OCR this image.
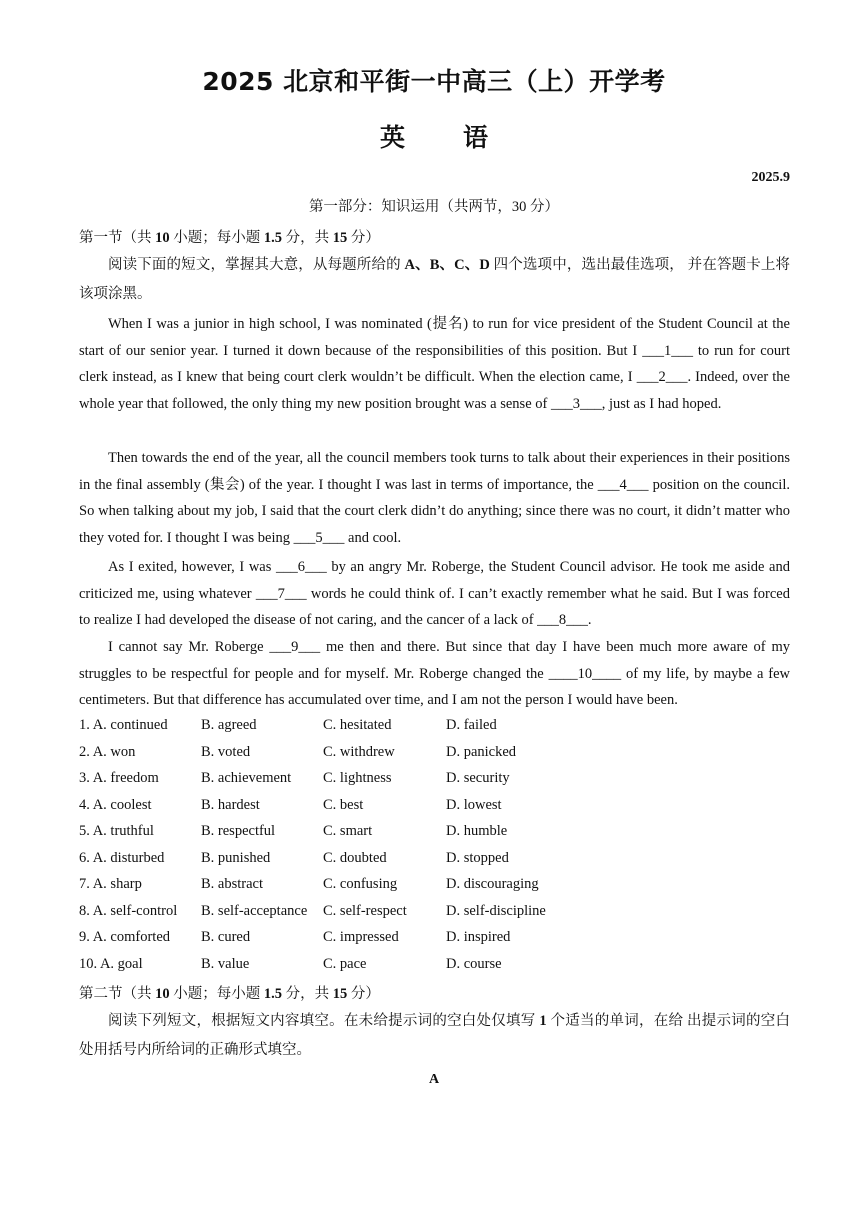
2025 北京和平街一中高三（上）开学考
英语
2025.9
第一部分：知识运用（共两节，30 分）
第一节（共 10 小题；每小题 1.5 分，共 15 分）
阅读下面的短文，掌握其大意，从每题所给的 A、B、C、D 四个选项中，选出最佳选项， 并在答题卡上将该项涂黑。
When I was a junior in high school, I was nominated (提名) to run for vice president of the Student Council at the start of our senior year. I turned it down because of the responsibilities of this position. But I ___1___ to run for court clerk instead, as I knew that being court clerk wouldn’t be difficult. When the election came, I ___2___. Indeed, over the whole year that followed, the only thing my new position brought was a sense of ___3___, just as I had hoped.
Then towards the end of the year, all the council members took turns to talk about their experiences in their positions in the final assembly (集会) of the year. I thought I was last in terms of importance, the ___4___ position on the council. So when talking about my job, I said that the court clerk didn’t do anything; since there was no court, it didn’t matter who they voted for. I thought I was being ___5___ and cool.
As I exited, however, I was ___6___ by an angry Mr. Roberge, the Student Council advisor. He took me aside and criticized me, using whatever ___7___ words he could think of. I can’t exactly remember what he said. But I was forced to realize I had developed the disease of not caring, and the cancer of a lack of ___8___.
I cannot say Mr. Roberge ___9___ me then and there. But since that day I have been much more aware of my struggles to be respectful for people and for myself. Mr. Roberge changed the ____10____ of my life, by maybe a few centimeters. But that difference has accumulated over time, and I am not the person I would have been.
1. A. continued B. agreed	C. hesitated	D. failed
2. A. won	B. voted	C. withdrew	D. panicked
3. A. freedom	B. achievement C. lightness	D. security
4. A. coolest	B. hardest	C. best	D. lowest
5. A. truthful	B. respectful	C. smart	D. humble
6. A. disturbed	B. punished	C. doubted	D. stopped
7. A. sharp	B. abstract	C. confusing	D. discouraging
8. A. self-control B. self-acceptance C. self-respect	D. self-discipline
9. A. comforted B. cured	C. impressed	D. inspired
10. A. goal	B. value	C. pace	D. course
第二节（共 10 小题；每小题 1.5 分，共 15 分）
阅读下列短文，根据短文内容填空。在未给提示词的空白处仅填写 1 个适当的单词，在给 出提示词的空白处用括号内所给词的正确形式填空。
A
